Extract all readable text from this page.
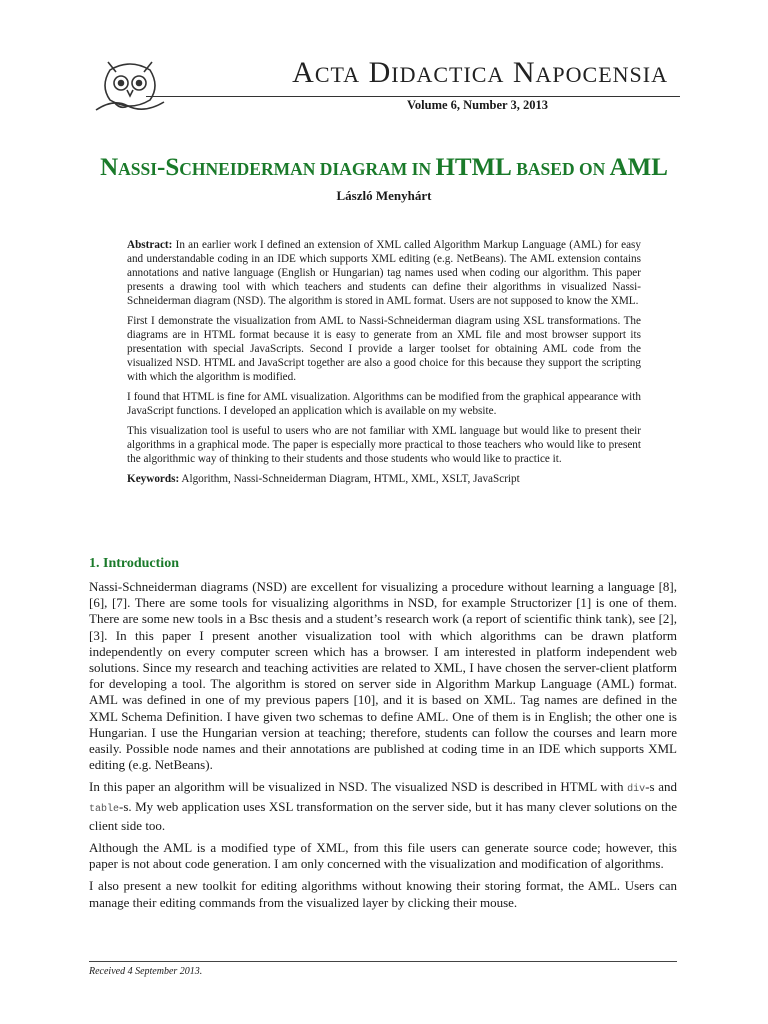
ACTA DIDACTICA NAPOCENSIA
Volume 6, Number 3, 2013
NASSI-SCHNEIDERMAN DIAGRAM IN HTML BASED ON AML
László Menyhárt

Abstract: In an earlier work I defined an extension of XML called Algorithm Markup Language (AML) for easy and understandable coding in an IDE which supports XML editing (e.g. NetBeans). The AML extension contains annotations and native language (English or Hungarian) tag names used when coding our algorithm. This paper presents a drawing tool with which teachers and students can define their algorithms in visualized Nassi-Schneiderman diagram (NSD). The algorithm is stored in AML format. Users are not supposed to know the XML.

First I demonstrate the visualization from AML to Nassi-Schneiderman diagram using XSL transformations. The diagrams are in HTML format because it is easy to generate from an XML file and most browser support its presentation with special JavaScripts. Second I provide a larger toolset for obtaining AML code from the visualized NSD. HTML and JavaScript together are also a good choice for this because they support the scripting with which the algorithm is modified.

I found that HTML is fine for AML visualization. Algorithms can be modified from the graphical appearance with JavaScript functions. I developed an application which is available on my website.

This visualization tool is useful to users who are not familiar with XML language but would like to present their algorithms in a graphical mode. The paper is especially more practical to those teachers who would like to present the algorithmic way of thinking to their students and those students who would like to practice it.

Keywords: Algorithm, Nassi-Schneiderman Diagram, HTML, XML, XSLT, JavaScript

1. Introduction

Nassi-Schneiderman diagrams (NSD) are excellent for visualizing a procedure without learning a language [8], [6], [7]. There are some tools for visualizing algorithms in NSD, for example Structorizer [1] is one of them. There are some new tools in a Bsc thesis and a student’s research work (a report of scientific think tank), see [2], [3]. In this paper I present another visualization tool with which algorithms can be drawn platform independently on every computer screen which has a browser. I am interested in platform independent web solutions. Since my research and teaching activities are related to XML, I have chosen the server-client platform for developing a tool. The algorithm is stored on server side in Algorithm Markup Language (AML) format. AML was defined in one of my previous papers [10], and it is based on XML. Tag names are defined in the XML Schema Definition. I have given two schemas to define AML. One of them is in English; the other one is Hungarian. I use the Hungarian version at teaching; therefore, students can follow the courses and learn more easily. Possible node names and their annotations are published at coding time in an IDE which supports XML editing (e.g. NetBeans).

In this paper an algorithm will be visualized in NSD. The visualized NSD is described in HTML with div-s and table-s. My web application uses XSL transformation on the server side, but it has many clever solutions on the client side too.

Although the AML is a modified type of XML, from this file users can generate source code; however, this paper is not about code generation. I am only concerned with the visualization and modification of algorithms.

I also present a new toolkit for editing algorithms without knowing their storing format, the AML. Users can manage their editing commands from the visualized layer by clicking their mouse.

Received 4 September 2013.
